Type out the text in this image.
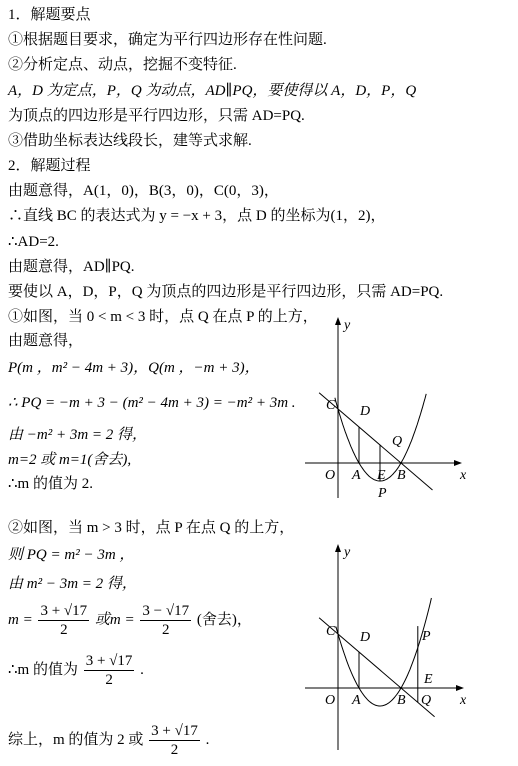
1．解题要点
①根据题目要求，确定为平行四边形存在性问题.
②分析定点、动点，挖掘不变特征.
A，D 为定点，P，Q 为动点，AD∥PQ，要使得以 A，D，P，Q
为顶点的四边形是平行四边形，只需 AD=PQ.
③借助坐标表达线段长，建等式求解.
2．解题过程
由题意得，A(1，0)，B(3，0)，C(0，3)，
∴直线 BC 的表达式为 y = −x + 3，点 D 的坐标为(1，2)，
∴AD=2.
由题意得，AD∥PQ.
要使以 A，D，P，Q 为顶点的四边形是平行四边形，只需 AD=PQ.
①如图，当 0 < m < 3 时，点 Q 在点 P 的上方，
由题意得，
P(m ，m² − 4m + 3)，Q(m ，−m + 3)，
∴ PQ = −m + 3 − (m² − 4m + 3) = −m² + 3m .
由 −m² + 3m = 2 得，
m=2 或 m=1(舍去),
∴m 的值为 2.
y
x
O
C D
A E B
Q
P
②如图，当 m > 3 时，点 P 在点 Q 的上方，
则 PQ = m² − 3m ，
由 m² − 3m = 2 得，
$m = \frac{3 + √17}{2}$ 或$m = \frac{3 - √17}{2}$ (舍去)，
∴m 的值为 $\frac{3 + √17}{2}$ .
综上，m 的值为 2 或 $\frac{3 + √17}{2}$ .
y
x
O
C D
A	B Q
E
P
